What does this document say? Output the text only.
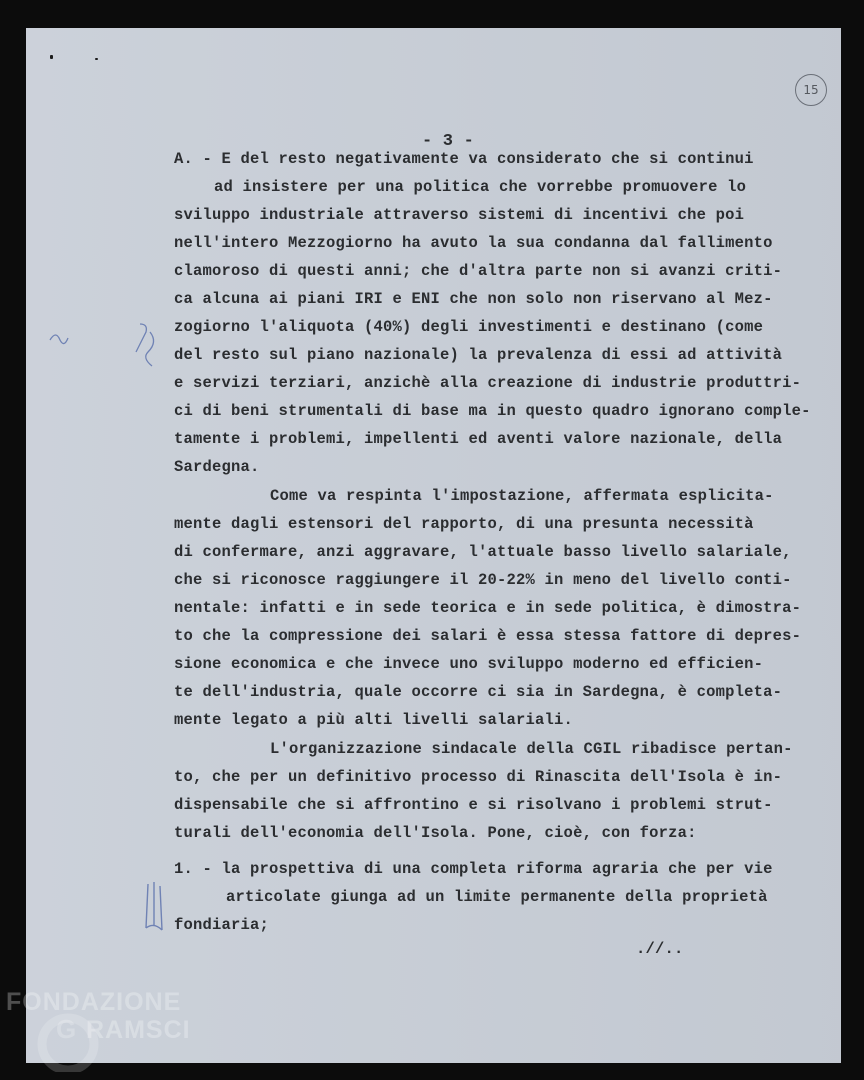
15
- 3 -
A. - E del resto negativamente va considerato che si continui
ad insistere per una politica che vorrebbe promuovere lo
sviluppo industriale attraverso sistemi di incentivi che poi
nell'intero Mezzogiorno ha avuto la sua condanna dal fallimento
clamoroso di questi anni; che d'altra parte non si avanzi criti-
ca alcuna ai piani IRI e ENI che non solo non riservano al Mez-
zogiorno l'aliquota (40%) degli investimenti e destinano (come
del resto sul piano nazionale) la prevalenza di essi ad attività
e servizi terziari, anzichè alla creazione di industrie produttri-
ci di beni strumentali di base ma in questo quadro ignorano comple-
tamente i problemi, impellenti ed aventi valore nazionale, della
Sardegna.
Come va respinta l'impostazione, affermata esplicita-
mente dagli estensori del rapporto, di una presunta necessità
di confermare, anzi aggravare, l'attuale basso livello salariale,
che si riconosce raggiungere il 20-22% in meno del livello conti-
nentale: infatti e in sede teorica e in sede politica, è dimostra-
to che la compressione dei salari è essa stessa fattore di depres-
sione economica e che invece uno sviluppo moderno ed efficien-
te dell'industria, quale occorre ci sia in Sardegna, è completa-
mente legato a più alti livelli salariali.
L'organizzazione sindacale della CGIL ribadisce pertan-
to, che per un definitivo processo di Rinascita dell'Isola è in-
dispensabile che si affrontino e si risolvano i problemi strut-
turali dell'economia dell'Isola. Pone, cioè, con forza:
1. - la prospettiva di una completa riforma agraria che per vie
articolate giunga ad un limite permanente della proprietà
fondiaria;
.//..
FONDAZIONE
G RAMSCI
